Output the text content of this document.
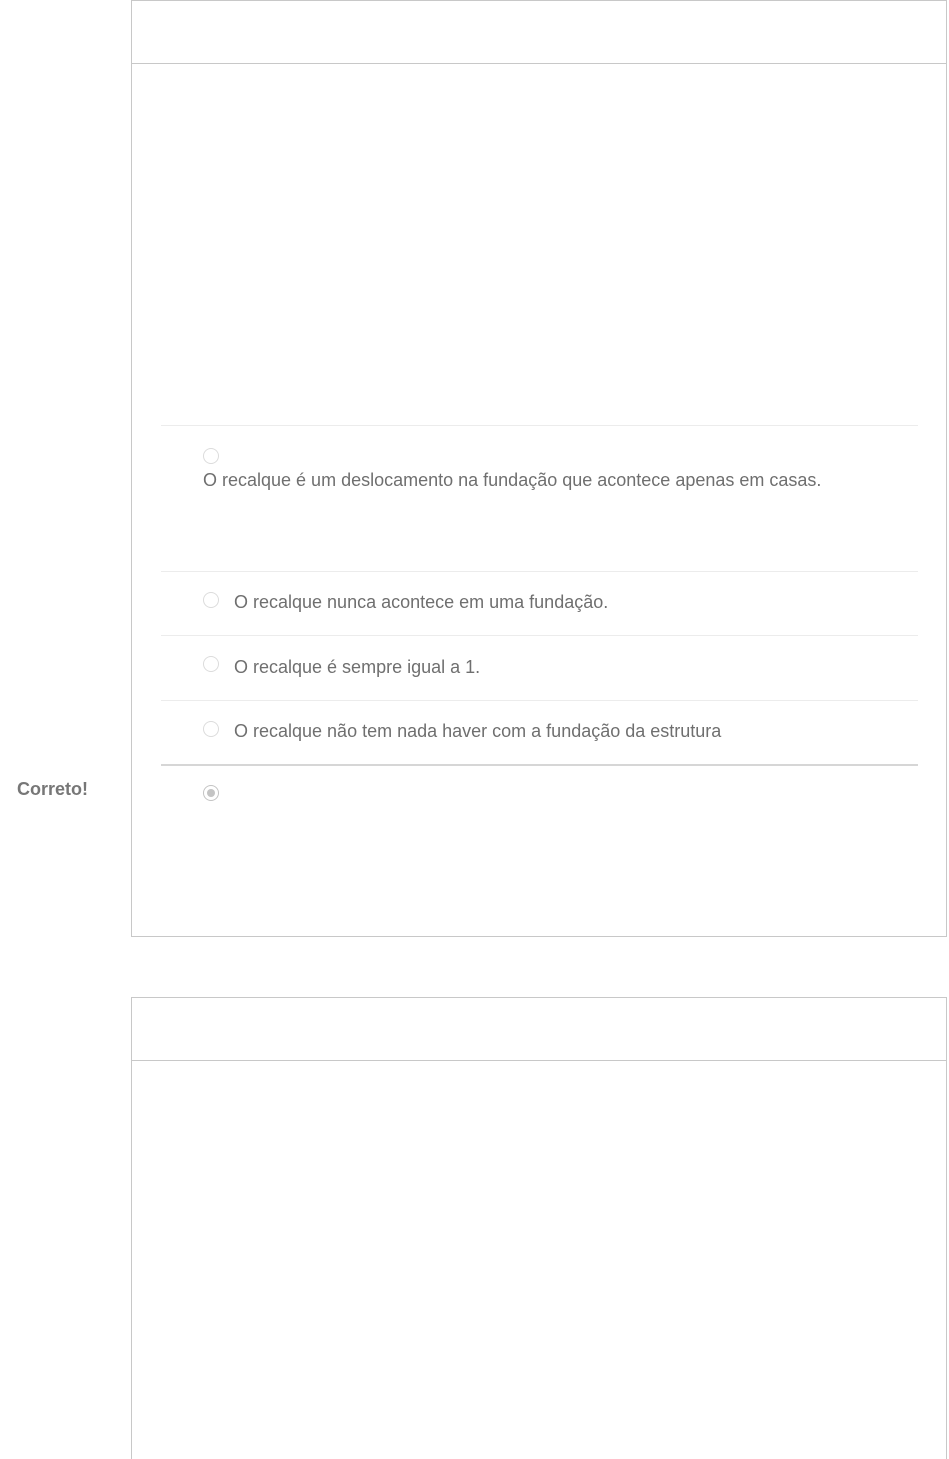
O recalque é um deslocamento na fundação que acontece apenas em casas.
O recalque nunca acontece em uma fundação.
O recalque é sempre igual a 1.
O recalque não tem nada haver com a fundação da estrutura
Correto!
